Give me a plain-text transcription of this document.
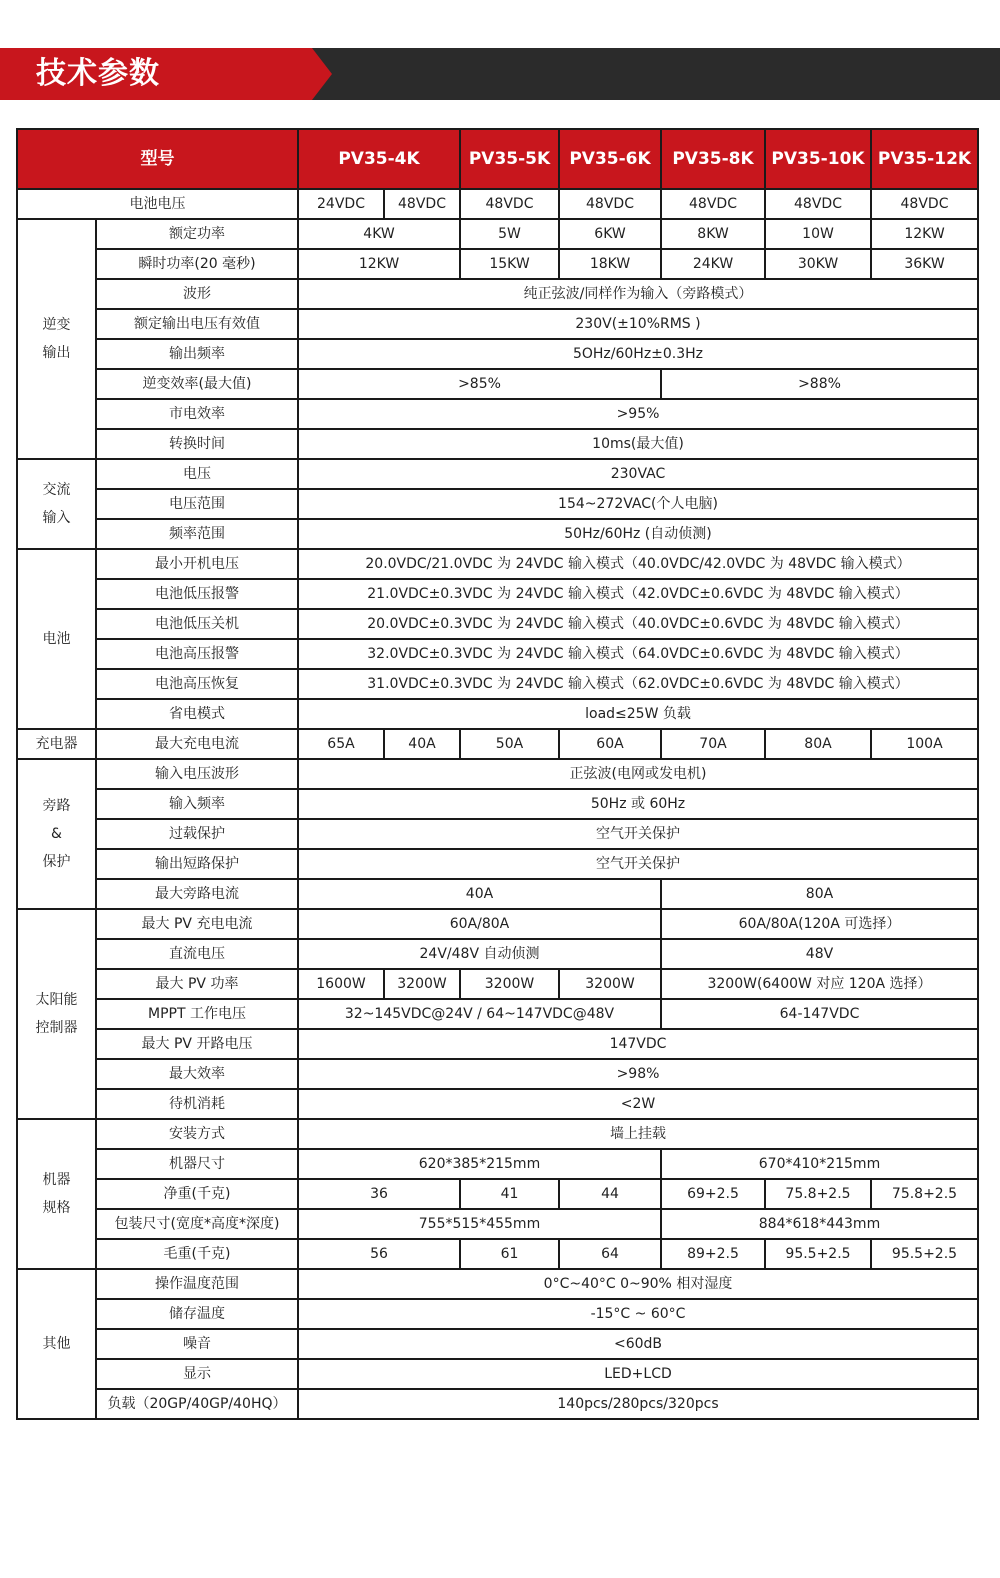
技术参数
型号		PV35-4K		PV35-5K	PV35-6K	PV35-8K	PV35-10K	PV35-12K
电池电压		24VDC	48VDC	48VDC	48VDC	48VDC	48VDC	48VDC

逆变
输出	额定功率	4KW		5W	6KW	8KW	10W	12KW
	瞬时功率(20 毫秒)	12KW		15KW	18KW	24KW	30KW	36KW
	波形	纯正弦波/同样作为输入（旁路模式）						
	额定输出电压有效值	230V(±10%RMS )						
	输出频率	5OHz/60Hz±0.3Hz						
	逆变效率(最大值)	>85%				>88%		
	市电效率	>95%						
	转换时间	10ms(最大值)						

交流
输入	电压	230VAC						
	电压范围	154~272VAC(个人电脑)						
	频率范围	50Hz/60Hz (自动侦测)						

电池	最小开机电压	20.0VDC/21.0VDC 为 24VDC 输入模式（40.0VDC/42.0VDC 为 48VDC 输入模式）						
	电池低压报警	21.0VDC±0.3VDC 为 24VDC 输入模式（42.0VDC±0.6VDC 为 48VDC 输入模式）						
	电池低压关机	20.0VDC±0.3VDC 为 24VDC 输入模式（40.0VDC±0.6VDC 为 48VDC 输入模式）						
	电池高压报警	32.0VDC±0.3VDC 为 24VDC 输入模式（64.0VDC±0.6VDC 为 48VDC 输入模式）						
	电池高压恢复	31.0VDC±0.3VDC 为 24VDC 输入模式（62.0VDC±0.6VDC 为 48VDC 输入模式）						
	省电模式	load≤25W 负载						
充电器	最大充电电流	65A	40A	50A	60A	70A	80A	100A

旁路
&
保护	输入电压波形	正弦波(电网或发电机)						
	输入频率	50Hz 或 60Hz						
	过载保护	空气开关保护						
	输出短路保护	空气开关保护						
	最大旁路电流	40A				80A		

太阳能
控制器	最大 PV 充电电流	60A/80A				60A/80A(120A 可选择）		
	直流电压	24V/48V 自动侦测				48V		
	最大 PV 功率	1600W	3200W	3200W	3200W	3200W(6400W 对应 120A 选择）		
	MPPT 工作电压	32~145VDC@24V / 64~147VDC@48V				64-147VDC		
	最大 PV 开路电压	147VDC						
	最大效率	>98%						
	待机消耗	<2W						

机器
规格	安装方式	墙上挂载						
	机器尺寸	620*385*215mm				670*410*215mm		
	净重(千克)	36		41	44	69+2.5	75.8+2.5	75.8+2.5
	包装尺寸(宽度*高度*深度)	755*515*455mm				884*618*443mm		
	毛重(千克)	56		61	64	89+2.5	95.5+2.5	95.5+2.5

其他	操作温度范围	0°C~40°C 0~90% 相对湿度						
	储存温度	-15°C ~ 60°C						
	噪音	<60dB						
	显示	LED+LCD						
	负载（20GP/40GP/40HQ）	140pcs/280pcs/320pcs						
